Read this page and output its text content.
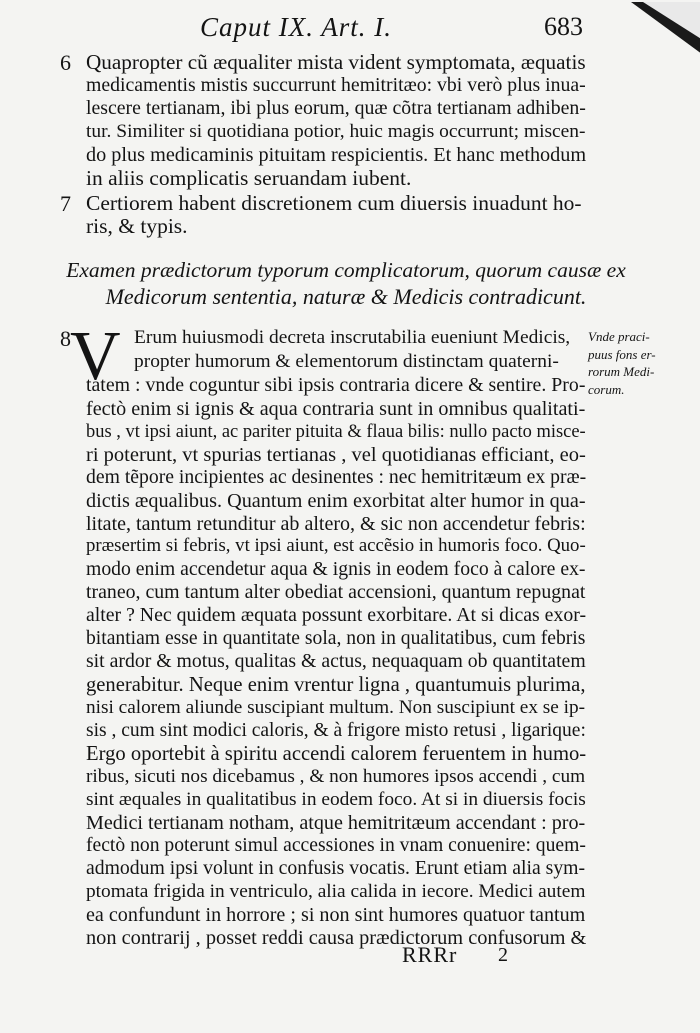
Caput IX. Art. I.	683
6 Quapropter cũ æqualiter mista vident symptomata, æquatis
medicamentis mistis succurrunt hemitritæo: vbi verò plus inua-
lescere tertianam, ibi plus eorum, quæ cõtra tertianam adhiben-
tur. Similiter si quotidiana potior, huic magis occurrunt; miscen-
do plus medicaminis pituitam respicientis. Et hanc methodum
in aliis complicatis seruandam iubent.
7 Certiorem habent discretionem cum diuersis inuadunt ho-
ris, & typis.
Examen prædictorum typorum complicatorum, quorum causæ ex
Medicorum sententia, naturæ & Medicis contradicunt.
8 V Erum huiusmodi decreta inscrutabilia eueniunt Medicis,
propter humorum & elementorum distinctam quaterni-
tatem : vnde coguntur sibi ipsis contraria dicere & sentire. Pro-
fectò enim si ignis & aqua contraria sunt in omnibus qualitati-
bus , vt ipsi aiunt, ac pariter pituita & flaua bilis: nullo pacto misce-
ri poterunt, vt spurias tertianas , vel quotidianas efficiant, eo-
dem tẽpore incipientes ac desinentes : nec hemitritæum ex præ-
dictis æqualibus. Quantum enim exorbitat alter humor in qua-
litate, tantum retunditur ab altero, & sic non accendetur febris:
præsertim si febris, vt ipsi aiunt, est accẽsio in humoris foco. Quo-
modo enim accendetur aqua & ignis in eodem foco à calore ex-
traneo, cum tantum alter obediat accensioni, quantum repugnat
alter ? Nec quidem æquata possunt exorbitare. At si dicas exor-
bitantiam esse in quantitate sola, non in qualitatibus, cum febris
sit ardor & motus, qualitas & actus, nequaquam ob quantitatem
generabitur. Neque enim vrentur ligna , quantumuis plurima,
nisi calorem aliunde suscipiant multum. Non suscipiunt ex se ip-
sis , cum sint modici caloris, & à frigore misto retusi , ligarique:
Ergo oportebit à spiritu accendi calorem feruentem in humo-
ribus, sicuti nos dicebamus , & non humores ipsos accendi , cum
sint æquales in qualitatibus in eodem foco. At si in diuersis focis
Medici tertianam notham, atque hemitritæum accendant : pro-
fectò non poterunt simul accessiones in vnam conuenire: quem-
admodum ipsi volunt in confusis vocatis. Erunt etiam alia sym-
ptomata frigida in ventriculo, alia calida in iecore. Medici autem
ea confundunt in horrore ; si non sint humores quatuor tantum
non contrarij , posset reddi causa prædictorum confusorum &
Vnde praci-
puus fons er-
rorum Medi-
corum.
RRRr 2
